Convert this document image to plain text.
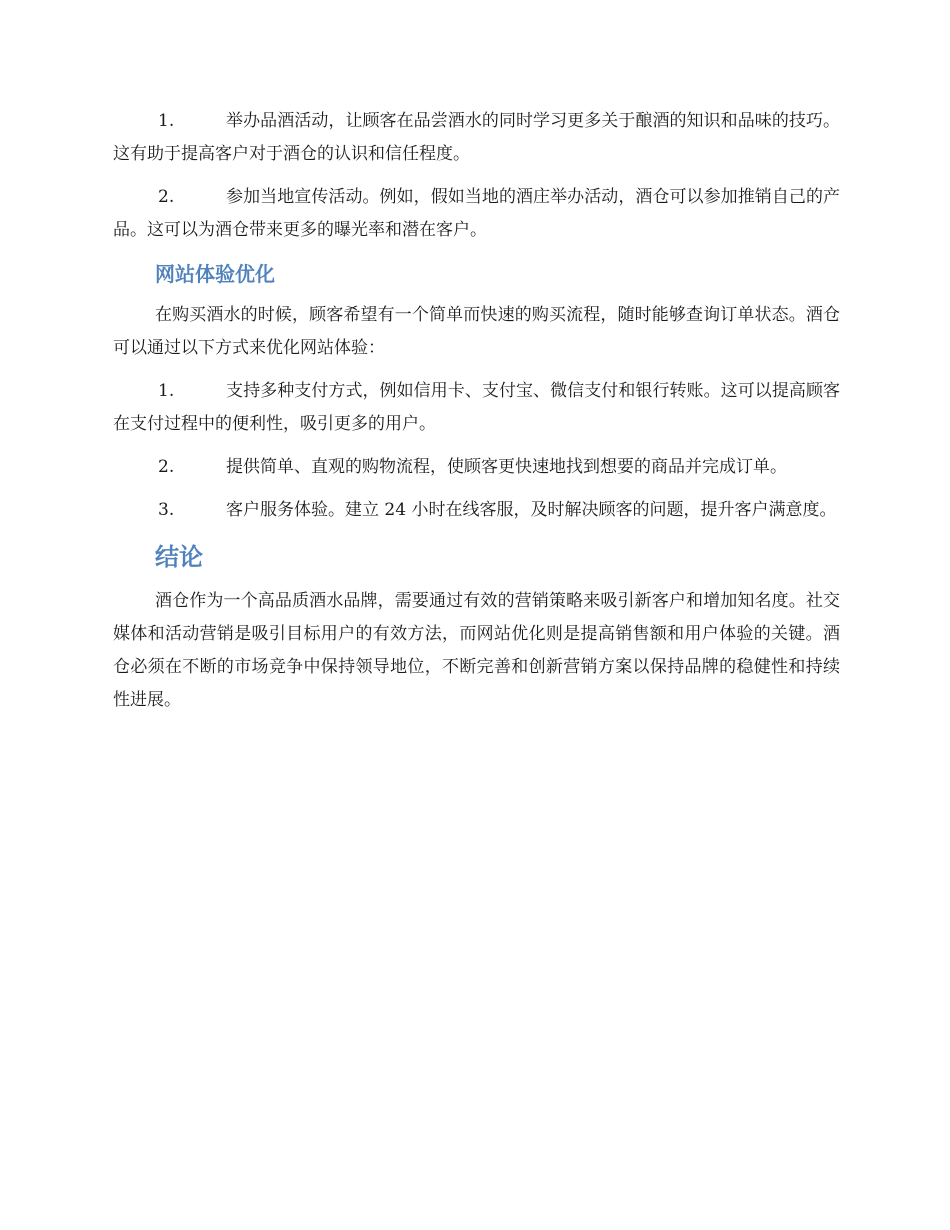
1.	举办品酒活动，让顾客在品尝酒水的同时学习更多关于酿酒的知识和品味的技巧。这有助于提高客户对于酒仓的认识和信任程度。

2.	参加当地宣传活动。例如，假如当地的酒庄举办活动，酒仓可以参加推销自己的产品。这可以为酒仓带来更多的曝光率和潜在客户。

网站体验优化

在购买酒水的时候，顾客希望有一个简单而快速的购买流程，随时能够查询订单状态。酒仓可以通过以下方式来优化网站体验：

1.	支持多种支付方式，例如信用卡、支付宝、微信支付和银行转账。这可以提高顾客在支付过程中的便利性，吸引更多的用户。

2.	提供简单、直观的购物流程，使顾客更快速地找到想要的商品并完成订单。

3.	客户服务体验。建立 24 小时在线客服，及时解决顾客的问题，提升客户满意度。

结论

酒仓作为一个高品质酒水品牌，需要通过有效的营销策略来吸引新客户和增加知名度。社交媒体和活动营销是吸引目标用户的有效方法，而网站优化则是提高销售额和用户体验的关键。酒仓必须在不断的市场竞争中保持领导地位，不断完善和创新营销方案以保持品牌的稳健性和持续性进展。
